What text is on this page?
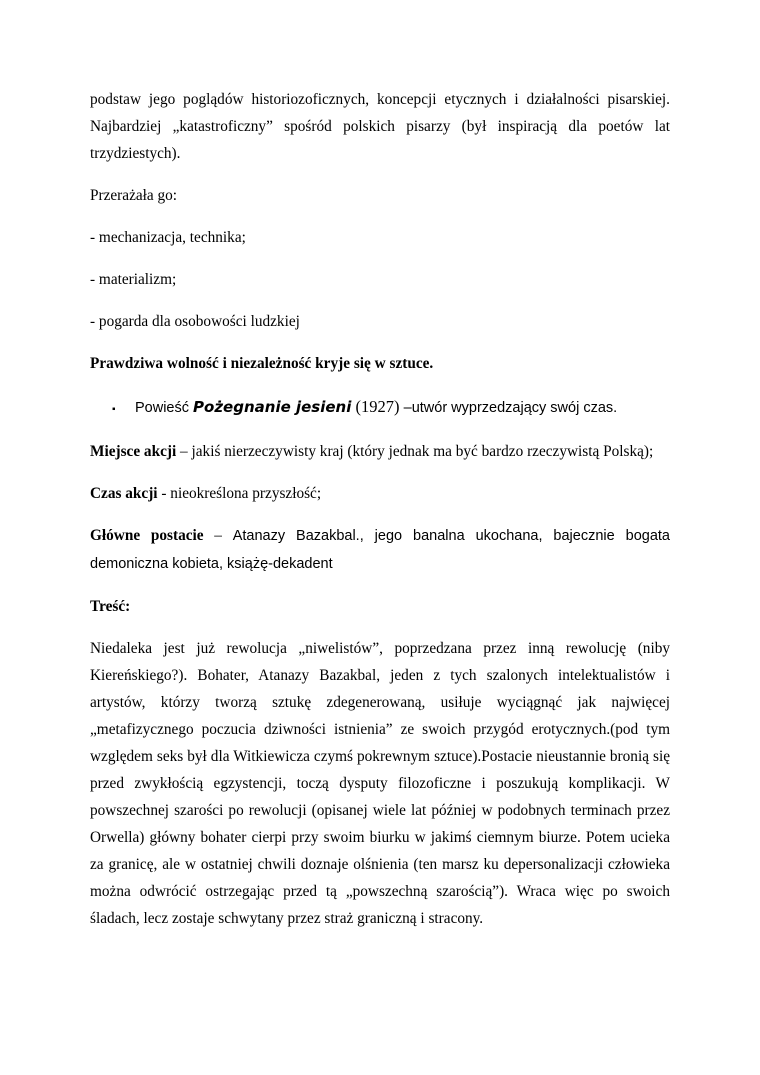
podstaw jego poglądów historiozoficznych, koncepcji etycznych i działalności pisarskiej. Najbardziej „katastroficzny” spośród polskich pisarzy (był inspiracją dla poetów lat trzydziestych).

Przerażała go:

- mechanizacja, technika;

- materializm;

- pogarda dla osobowości ludzkiej

Prawdziwa wolność i niezależność kryje się w sztuce.

▪	Powieść Pożegnanie jesieni (1927) –utwór wyprzedzający swój czas.

Miejsce akcji – jakiś nierzeczywisty kraj (który jednak ma być bardzo rzeczywistą Polską);

Czas akcji - nieokreślona przyszłość;

Główne postacie – Atanazy Bazakbal., jego banalna ukochana, bajecznie bogata demoniczna kobieta, książę-dekadent

Treść:

Niedaleka jest już rewolucja „niwelistów”, poprzedzana przez inną rewolucję (niby Kiereńskiego?). Bohater, Atanazy Bazakbal, jeden z tych szalonych intelektualistów i artystów, którzy tworzą sztukę zdegenerowaną, usiłuje wyciągnąć jak najwięcej „metafizycznego poczucia dziwności istnienia” ze swoich przygód erotycznych.(pod tym względem seks był dla Witkiewicza czymś pokrewnym sztuce).Postacie nieustannie bronią się przed zwykłością egzystencji, toczą dysputy filozoficzne i poszukują komplikacji. W powszechnej szarości po rewolucji (opisanej wiele lat później w podobnych terminach przez Orwella) główny bohater cierpi przy swoim biurku w jakimś ciemnym biurze. Potem ucieka za granicę, ale w ostatniej chwili doznaje olśnienia (ten marsz ku depersonalizacji człowieka można odwrócić ostrzegając przed tą „powszechną szarością”). Wraca więc po swoich śladach, lecz zostaje schwytany przez straż graniczną i stracony.
